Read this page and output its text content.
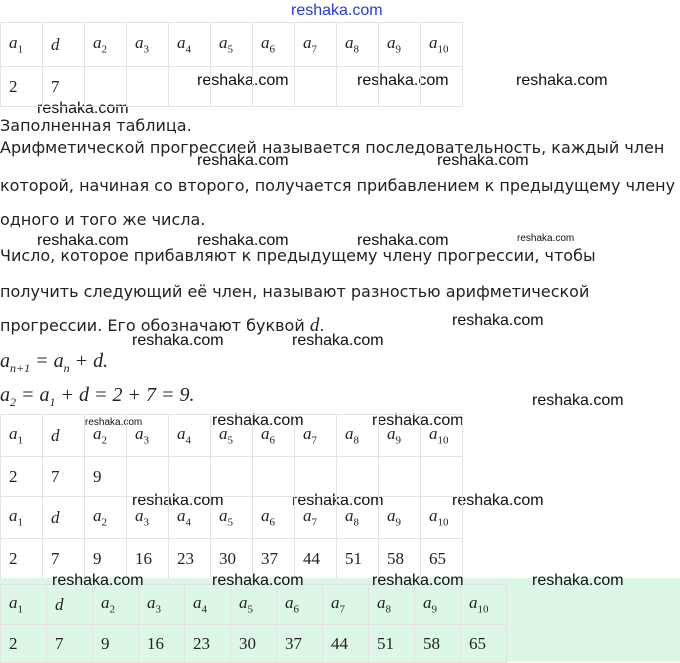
reshaka.com
reshaka.com	reshaka.com	reshaka.com
reshaka.com
reshaka.com	reshaka.com
reshaka.com	reshaka.com	reshaka.com	reshaka.com
reshaka.com
reshaka.com	reshaka.com
reshaka.com
reshaka.com	reshaka.com	reshaka.com
reshaka.com	reshaka.com	reshaka.com
$a_1$	d	$a_2$	$a_3$	$a_4$	$a_5$	$a_6$	$a_7$	$a_8$	$a_9$	$a_{10}$
2	7									
Заполненная таблица.
Арифметической прогрессией называется последовательность, каждый член
которой, начиная со второго, получается прибавлением к предыдущему члену
одного и того же числа.
Число, которое прибавляют к предыдущему члену прогрессии, чтобы
получить следующий её член, называют разностью арифметической
прогрессии. Его обозначают буквой d.
$a_{n+1} = a_n + d$.
$a_2 = a_1 + d = 2 + 7 = 9$.
$a_1$	d	$a_2$	$a_3$	$a_4$	$a_5$	$a_6$	$a_7$	$a_8$	$a_9$	$a_{10}$
2	7	9								
$a_1$	d	$a_2$	$a_3$	$a_4$	$a_5$	$a_6$	$a_7$	$a_8$	$a_9$	$a_{10}$
2	7	9	16	23	30	37	44	51	58	65
$a_1$	d	$a_2$	$a_3$	$a_4$	$a_5$	$a_6$	$a_7$	$a_8$	$a_9$	$a_{10}$
2	7	9	16	23	30	37	44	51	58	65
reshaka.com	reshaka.com	reshaka.com	reshaka.com
